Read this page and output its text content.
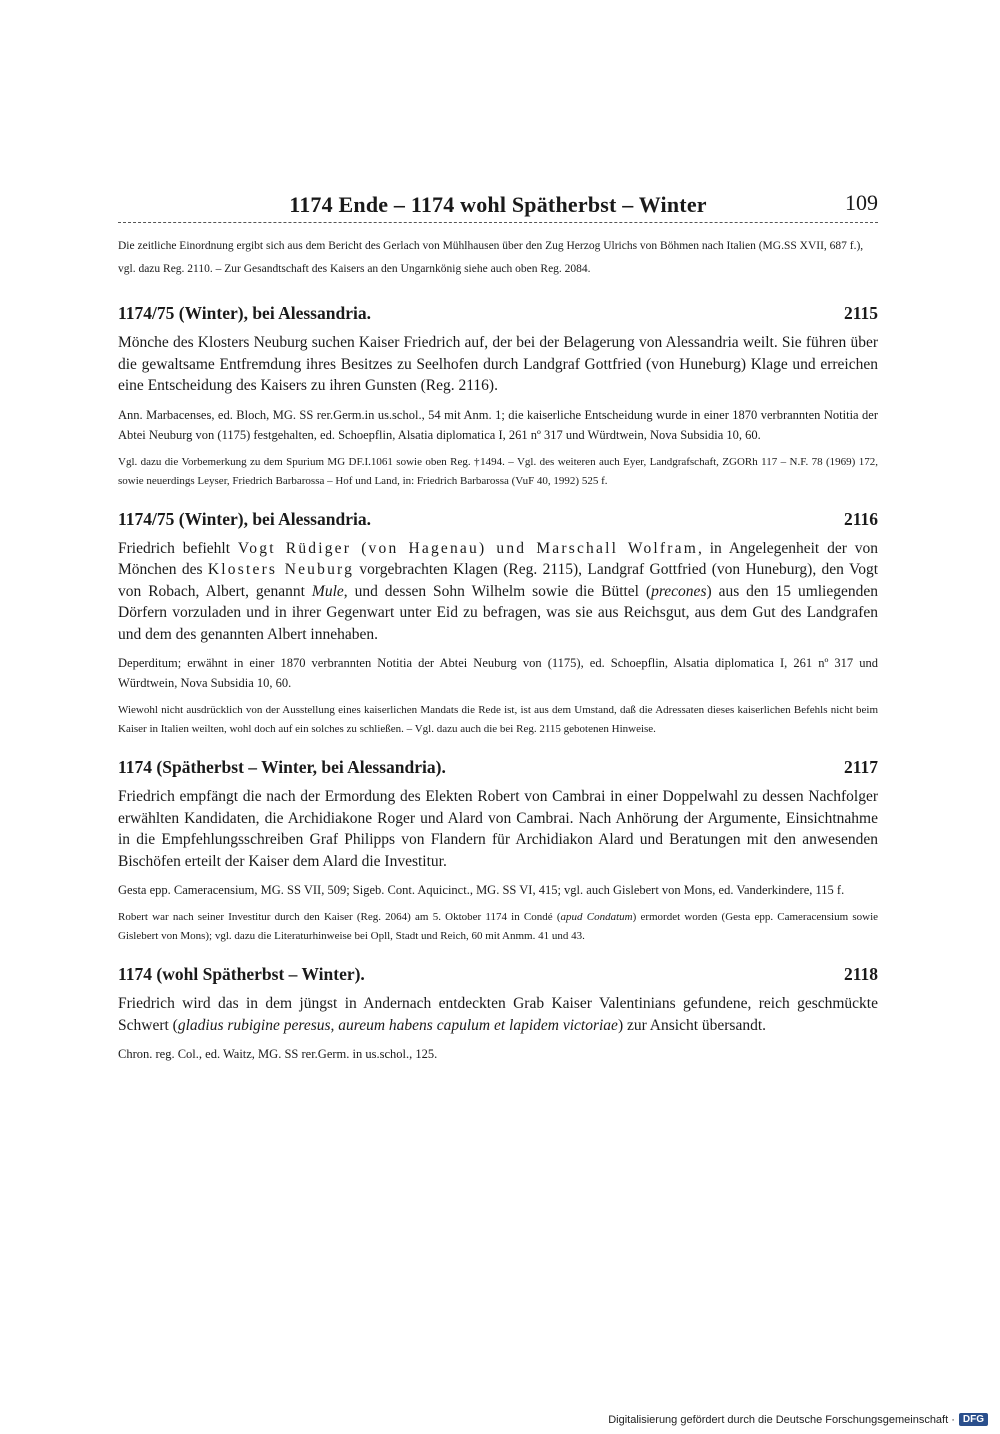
1174 Ende – 1174 wohl Spätherbst – Winter	109

Die zeitliche Einordnung ergibt sich aus dem Bericht des Gerlach von Mühlhausen über den Zug Herzog Ulrichs von Böhmen nach Italien (MG.SS XVII, 687 f.), vgl. dazu Reg. 2110. – Zur Gesandtschaft des Kaisers an den Ungarnkönig siehe auch oben Reg. 2084.

1174/75 (Winter), bei Alessandria.	2115

Mönche des Klosters Neuburg suchen Kaiser Friedrich auf, der bei der Belagerung von Alessandria weilt. Sie führen über die gewaltsame Entfremdung ihres Besitzes zu Seelhofen durch Landgraf Gottfried (von Huneburg) Klage und erreichen eine Entscheidung des Kaisers zu ihren Gunsten (Reg. 2116).

Ann. Marbacenses, ed. Bloch, MG. SS rer.Germ.in us.schol., 54 mit Anm. 1; die kaiserliche Entscheidung wurde in einer 1870 verbrannten Notitia der Abtei Neuburg von (1175) festgehalten, ed. Schoepflin, Alsatia diplomatica I, 261 nº 317 und Würdtwein, Nova Subsidia 10, 60.

Vgl. dazu die Vorbemerkung zu dem Spurium MG DF.I.1061 sowie oben Reg. †1494. – Vgl. des weiteren auch Eyer, Landgrafschaft, ZGORh 117 – N.F. 78 (1969) 172, sowie neuerdings Leyser, Friedrich Barbarossa – Hof und Land, in: Friedrich Barbarossa (VuF 40, 1992) 525 f.

1174/75 (Winter), bei Alessandria.	2116

Friedrich befiehlt Vogt Rüdiger (von Hagenau) und Marschall Wolfram, in Angelegenheit der von Mönchen des Klosters Neuburg vorgebrachten Klagen (Reg. 2115), Landgraf Gottfried (von Huneburg), den Vogt von Robach, Albert, genannt Mule, und dessen Sohn Wilhelm sowie die Büttel (precones) aus den 15 umliegenden Dörfern vorzuladen und in ihrer Gegenwart unter Eid zu befragen, was sie aus Reichsgut, aus dem Gut des Landgrafen und dem des genannten Albert innehaben.

Deperditum; erwähnt in einer 1870 verbrannten Notitia der Abtei Neuburg von (1175), ed. Schoepflin, Alsatia diplomatica I, 261 nº 317 und Würdtwein, Nova Subsidia 10, 60.

Wiewohl nicht ausdrücklich von der Ausstellung eines kaiserlichen Mandats die Rede ist, ist aus dem Umstand, daß die Adressaten dieses kaiserlichen Befehls nicht beim Kaiser in Italien weilten, wohl doch auf ein solches zu schließen. – Vgl. dazu auch die bei Reg. 2115 gebotenen Hinweise.

1174 (Spätherbst – Winter, bei Alessandria).	2117

Friedrich empfängt die nach der Ermordung des Elekten Robert von Cambrai in einer Doppelwahl zu dessen Nachfolger erwählten Kandidaten, die Archidiakone Roger und Alard von Cambrai. Nach Anhörung der Argumente, Einsichtnahme in die Empfehlungsschreiben Graf Philipps von Flandern für Archidiakon Alard und Beratungen mit den anwesenden Bischöfen erteilt der Kaiser dem Alard die Investitur.

Gesta epp. Cameracensium, MG. SS VII, 509; Sigeb. Cont. Aquicinct., MG. SS VI, 415; vgl. auch Gislebert von Mons, ed. Vanderkindere, 115 f.

Robert war nach seiner Investitur durch den Kaiser (Reg. 2064) am 5. Oktober 1174 in Condé (apud Condatum) ermordet worden (Gesta epp. Cameracensium sowie Gislebert von Mons); vgl. dazu die Literaturhinweise bei Opll, Stadt und Reich, 60 mit Anmm. 41 und 43.

1174 (wohl Spätherbst – Winter).	2118

Friedrich wird das in dem jüngst in Andernach entdeckten Grab Kaiser Valentinians gefundene, reich geschmückte Schwert (gladius rubigine peresus, aureum habens capulum et lapidem victoriae) zur Ansicht übersandt.

Chron. reg. Col., ed. Waitz, MG. SS rer.Germ. in us.schol., 125.

Digitalisierung gefördert durch die Deutsche Forschungsgemeinschaft · DFG
